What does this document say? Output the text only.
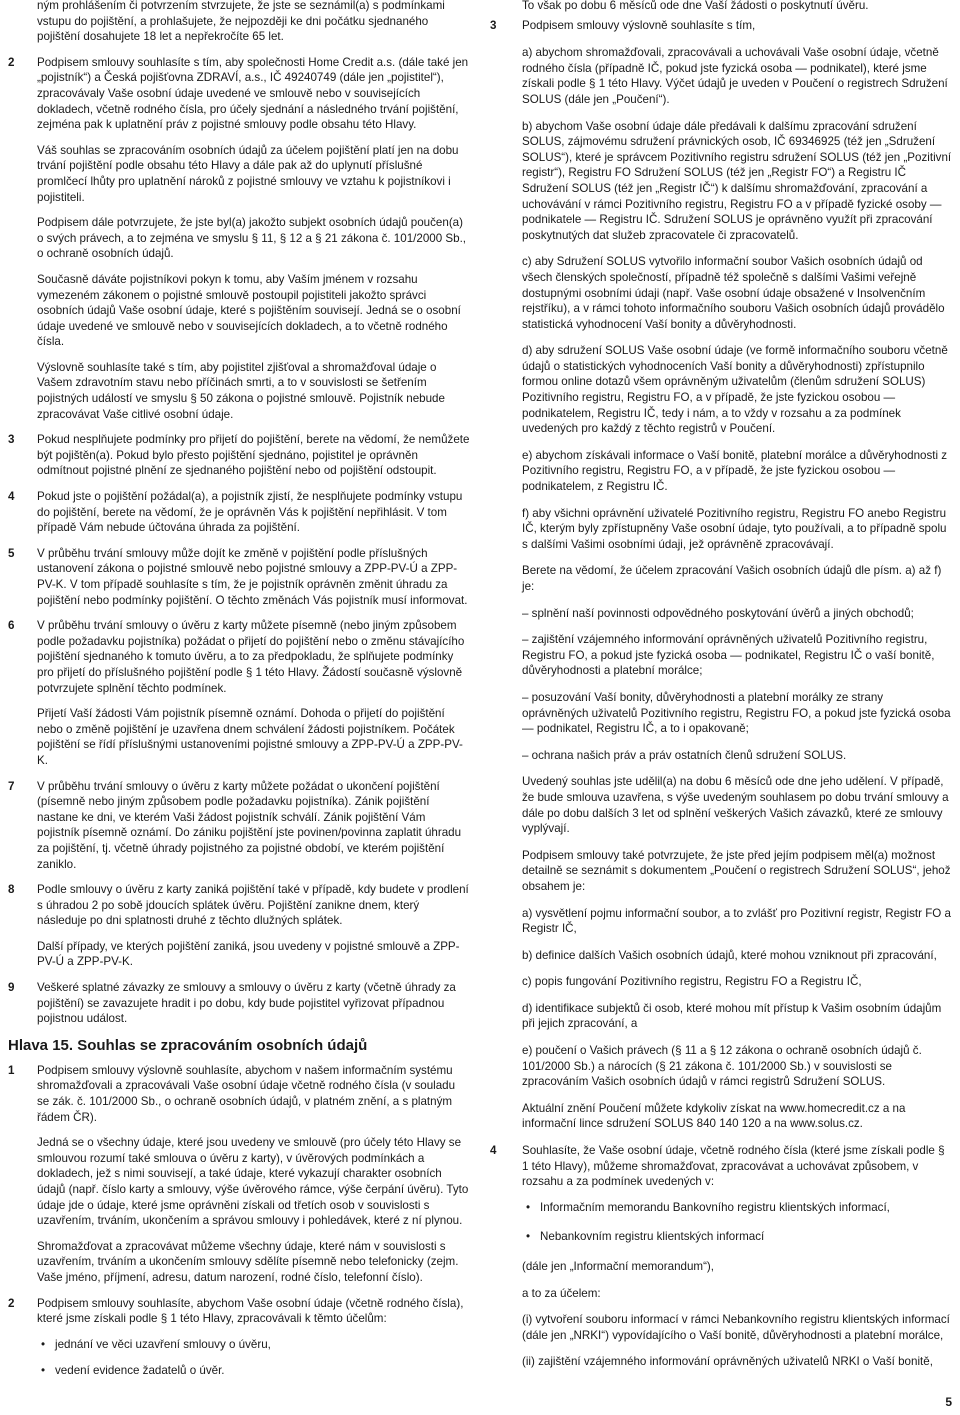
ným prohlášením či potvrzením stvrzujete, že jste se seznámil(a) s podmínkami vstupu do pojištění, a prohlašujete, že nejpozději ke dni počátku sjednaného pojištění dosahujete 18 let a nepřekročíte 65 let.

2	Podpisem smlouvy souhlasíte s tím, aby společnosti Home Credit a.s. (dále také jen „pojistník“) a Česká pojišťovna ZDRAVÍ, a.s., IČ 49240749 (dále jen „pojistitel“), zpracovávaly Vaše osobní údaje uvedené ve smlouvě nebo v souvisejících dokladech, včetně rodného čísla, pro účely sjednání a následného trvání pojištění, zejména pak k uplatnění práv z pojistné smlouvy podle obsahu této Hlavy.

Váš souhlas se zpracováním osobních údajů za účelem pojištění platí jen na dobu trvání pojištění podle obsahu této Hlavy a dále pak až do uplynutí příslušné promlčecí lhůty pro uplatnění nároků z pojistné smlouvy ve vztahu k pojistníkovi i pojistiteli.

Podpisem dále potvrzujete, že jste byl(a) jakožto subjekt osobních údajů poučen(a) o svých právech, a to zejména ve smyslu § 11, § 12 a § 21 zákona č. 101/2000 Sb., o ochraně osobních údajů.

Současně dáváte pojistníkovi pokyn k tomu, aby Vaším jménem v rozsahu vymezeném zákonem o pojistné smlouvě postoupil pojistiteli jakožto správci osobních údajů Vaše osobní údaje, které s pojištěním souvisejí. Jedná se o osobní údaje uvedené ve smlouvě nebo v souvisejících dokladech, a to včetně rodného čísla.

Výslovně souhlasíte také s tím, aby pojistitel zjišťoval a shromažďoval údaje o Vašem zdravotním stavu nebo příčinách smrti, a to v souvislosti se šetřením pojistných událostí ve smyslu § 50 zákona o pojistné smlouvě. Pojistník nebude zpracovávat Vaše citlivé osobní údaje.

3	Pokud nesplňujete podmínky pro přijetí do pojištění, berete na vědomí, že nemůžete být pojištěn(a). Pokud bylo přesto pojištění sjednáno, pojistitel je oprávněn odmítnout pojistné plnění ze sjednaného pojištění nebo od pojištění odstoupit.

4	Pokud jste o pojištění požádal(a), a pojistník zjistí, že nesplňujete podmínky vstupu do pojištění, berete na vědomí, že je oprávněn Vás k pojištění nepřihlásit. V tom případě Vám nebude účtována úhrada za pojištění.

5	V průběhu trvání smlouvy může dojít ke změně v pojištění podle příslušných ustanovení zákona o pojistné smlouvě nebo pojistné smlouvy a ZPP-PV-Ú a ZPP-PV-K. V tom případě souhlasíte s tím, že je pojistník oprávněn změnit úhradu za pojištění nebo podmínky pojištění. O těchto změnách Vás pojistník musí informovat.

6	V průběhu trvání smlouvy o úvěru z karty můžete písemně (nebo jiným způsobem podle požadavku pojistníka) požádat o přijetí do pojištění nebo o změnu stávajícího pojištění sjednaného k tomuto úvěru, a to za předpokladu, že splňujete podmínky pro přijetí do příslušného pojištění podle § 1 této Hlavy. Žádostí současně výslovně potvrzujete splnění těchto podmínek.

Přijetí Vaší žádosti Vám pojistník písemně oznámí. Dohoda o přijetí do pojištění nebo o změně pojištění je uzavřena dnem schválení žádosti pojistníkem. Počátek pojištění se řídí příslušnými ustanoveními pojistné smlouvy a ZPP-PV-Ú a ZPP-PV-K.

7	V průběhu trvání smlouvy o úvěru z karty můžete požádat o ukončení pojištění (písemně nebo jiným způsobem podle požadavku pojistníka). Zánik pojištění nastane ke dni, ve kterém Vaši žádost pojistník schválí. Zánik pojištění Vám pojistník písemně oznámí. Do zániku pojištění jste povinen/povinna zaplatit úhradu za pojištění, tj. včetně úhrady pojistného za pojistné období, ve kterém pojištění zaniklo.

8	Podle smlouvy o úvěru z karty zaniká pojištění také v případě, kdy budete v prodlení s úhradou 2 po sobě jdoucích splátek úvěru. Pojištění zanikne dnem, který následuje po dni splatnosti druhé z těchto dlužných splátek.

Další případy, ve kterých pojištění zaniká, jsou uvedeny v pojistné smlouvě a ZPP-PV-Ú a ZPP-PV-K.

9	Veškeré splatné závazky ze smlouvy a smlouvy o úvěru z karty (včetně úhrady za pojištění) se zavazujete hradit i po dobu, kdy bude pojistitel vyřizovat případnou pojistnou událost.

Hlava 15. Souhlas se zpracováním osobních údajů
1	Podpisem smlouvy výslovně souhlasíte, abychom v našem informačním systému shromažďovali a zpracovávali Vaše osobní údaje včetně rodného čísla (v souladu se zák. č. 101/2000 Sb., o ochraně osobních údajů, v platném znění, a s platným řádem ČR).

Jedná se o všechny údaje, které jsou uvedeny ve smlouvě (pro účely této Hlavy se smlouvou rozumí také smlouva o úvěru z karty), v úvěrových podmínkách a dokladech, jež s nimi souvisejí, a také údaje, které vykazují charakter osobních údajů (např. číslo karty a smlouvy, výše úvěrového rámce, výše čerpání úvěru). Tyto údaje jde o údaje, které jsme oprávněni získali od třetích osob v souvislosti s uzavřením, trváním, ukončením a správou smlouvy i pohledávek, které z ní plynou.

Shromažďovat a zpracovávat můžeme všechny údaje, které nám v souvislosti s uzavřením, trváním a ukončením smlouvy sdělíte písemně nebo telefonicky (zejm. Vaše jméno, příjmení, adresu, datum narození, rodné číslo, telefonní číslo).

2	Podpisem smlouvy souhlasíte, abychom Vaše osobní údaje (včetně rodného čísla), které jsme získali podle § 1 této Hlavy, zpracovávali k těmto účelům:

• jednání ve věci uzavření smlouvy o úvěru,
• vedení evidence žadatelů o úvěr.

To však po dobu 6 měsíců ode dne Vaší žádosti o poskytnutí úvěru.

3	Podpisem smlouvy výslovně souhlasíte s tím,

a) abychom shromažďovali, zpracovávali a uchovávali Vaše osobní údaje, včetně rodného čísla (případně IČ, pokud jste fyzická osoba — podnikatel), které jsme získali podle § 1 této Hlavy. Výčet údajů je uveden v Poučení o registrech Sdružení SOLUS (dále jen „Poučení“).

b) abychom Vaše osobní údaje dále předávali k dalšímu zpracování sdružení SOLUS, zájmovému sdružení právnických osob, IČ 69346925 (též jen „Sdružení SOLUS“), které je správcem Pozitivního registru sdružení SOLUS (též jen „Pozitivní registr“), Registru FO Sdružení SOLUS (též jen „Registr FO“) a Registru IČ Sdružení SOLUS (též jen „Registr IČ“) k dalšímu shromažďování, zpracování a uchovávání v rámci Pozitivního registru, Registru FO a v případě fyzické osoby — podnikatele — Registru IČ. Sdružení SOLUS je oprávněno využít při zpracování poskytnutých dat služeb zpracovatele či zpracovatelů.

c) aby Sdružení SOLUS vytvořilo informační soubor Vašich osobních údajů od všech členských společností, případně též společně s dalšími Vašimi veřejně dostupnými osobními údaji (např. Vaše osobní údaje obsažené v Insolvenčním rejstříku), a v rámci tohoto informačního souboru Vašich osobních údajů provádělo statistická vyhodnocení Vaší bonity a důvěryhodnosti.

d) aby sdružení SOLUS Vaše osobní údaje (ve formě informačního souboru včetně údajů o statistických vyhodnoceních Vaší bonity a důvěryhodnosti) zpřístupnilo formou online dotazů všem oprávněným uživatelům (členům sdružení SOLUS) Pozitivního registru, Registru FO, a v případě, že jste fyzickou osobou — podnikatelem, Registru IČ, tedy i nám, a to vždy v rozsahu a za podmínek uvedených pro každý z těchto registrů v Poučení.

e) abychom získávali informace o Vaší bonitě, platební morálce a důvěryhodnosti z Pozitivního registru, Registru FO, a v případě, že jste fyzickou osobou — podnikatelem, z Registru IČ.

f) aby všichni oprávnění uživatelé Pozitivního registru, Registru FO anebo Registru IČ, kterým byly zpřístupněny Vaše osobní údaje, tyto používali, a to případně spolu s dalšími Vašimi osobními údaji, jež oprávněně zpracovávají.

Berete na vědomí, že účelem zpracování Vašich osobních údajů dle písm. a) až f) je:

– splnění naší povinnosti odpovědného poskytování úvěrů a jiných obchodů;

– zajištění vzájemného informování oprávněných uživatelů Pozitivního registru, Registru FO, a pokud jste fyzická osoba — podnikatel, Registru IČ o vaší bonitě, důvěryhodnosti a platební morálce;

– posuzování Vaší bonity, důvěryhodnosti a platební morálky ze strany oprávněných uživatelů Pozitivního registru, Registru FO, a pokud jste fyzická osoba — podnikatel, Registru IČ, a to i opakovaně;

– ochrana našich práv a práv ostatních členů sdružení SOLUS.

Uvedený souhlas jste udělil(a) na dobu 6 měsíců ode dne jeho udělení. V případě, že bude smlouva uzavřena, s výše uvedeným souhlasem po dobu trvání smlouvy a dále po dobu dalších 3 let od splnění veškerých Vašich závazků, které ze smlouvy vyplývají.

Podpisem smlouvy také potvrzujete, že jste před jejím podpisem měl(a) možnost detailně se seznámit s dokumentem „Poučení o registrech Sdružení SOLUS“, jehož obsahem je:

a) vysvětlení pojmu informační soubor, a to zvlášť pro Pozitivní registr, Registr FO a Registr IČ,

b) definice dalších Vašich osobních údajů, které mohou vzniknout při zpracování,

c) popis fungování Pozitivního registru, Registru FO a Registru IČ,

d) identifikace subjektů či osob, které mohou mít přístup k Vašim osobním údajům při jejich zpracování, a

e) poučení o Vašich právech (§ 11 a § 12 zákona o ochraně osobních údajů č. 101/2000 Sb.) a nárocích (§ 21 zákona č. 101/2000 Sb.) v souvislosti se zpracováním Vašich osobních údajů v rámci registrů Sdružení SOLUS.

Aktuální znění Poučení můžete kdykoliv získat na www.homecredit.cz a na informační lince sdružení SOLUS 840 140 120 a na www.solus.cz.

4	Souhlasíte, že Vaše osobní údaje, včetně rodného čísla (které jsme získali podle § 1 této Hlavy), můžeme shromažďovat, zpracovávat a uchovávat způsobem, v rozsahu a za podmínek uvedených v:

• Informačním memorandu Bankovního registru klientských informací,
• Nebankovním registru klientských informací

(dále jen „Informační memorandum“),

a to za účelem:

(i) vytvoření souboru informací v rámci Nebankovního registru klientských informací (dále jen „NRKI“) vypovídajícího o Vaší bonitě, důvěryhodnosti a platební morálce,

(ii) zajištění vzájemného informování oprávněných uživatelů NRKI o Vaší bonitě,

5
